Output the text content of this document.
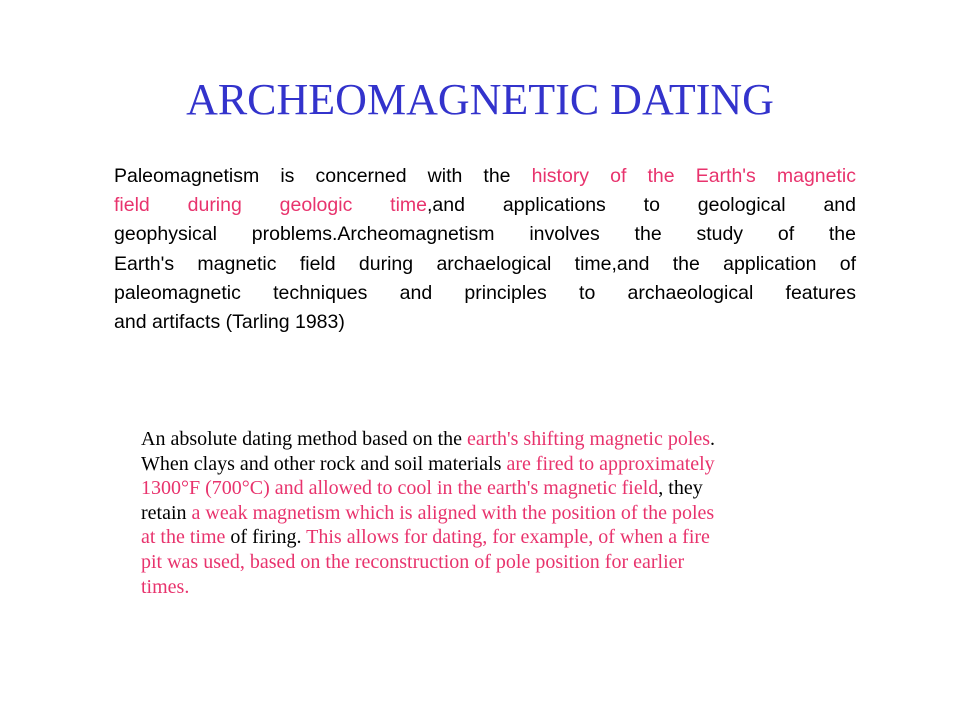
ARCHEOMAGNETIC DATING
Paleomagnetism is concerned with the history of the Earth's magnetic
field during geologic time,and applications to geological and
geophysical problems.Archeomagnetism involves the study of the
Earth's magnetic field during archaelogical time,and the application of
paleomagnetic techniques and principles to archaeological features
and artifacts (Tarling 1983)
An absolute dating method based on the earth's shifting magnetic poles.
When clays and other rock and soil materials are fired to approximately
1300°F (700°C) and allowed to cool in the earth's magnetic field, they
retain a weak magnetism which is aligned with the position of the poles
at the time of firing. This allows for dating, for example, of when a fire
pit was used, based on the reconstruction of pole position for earlier
times.
